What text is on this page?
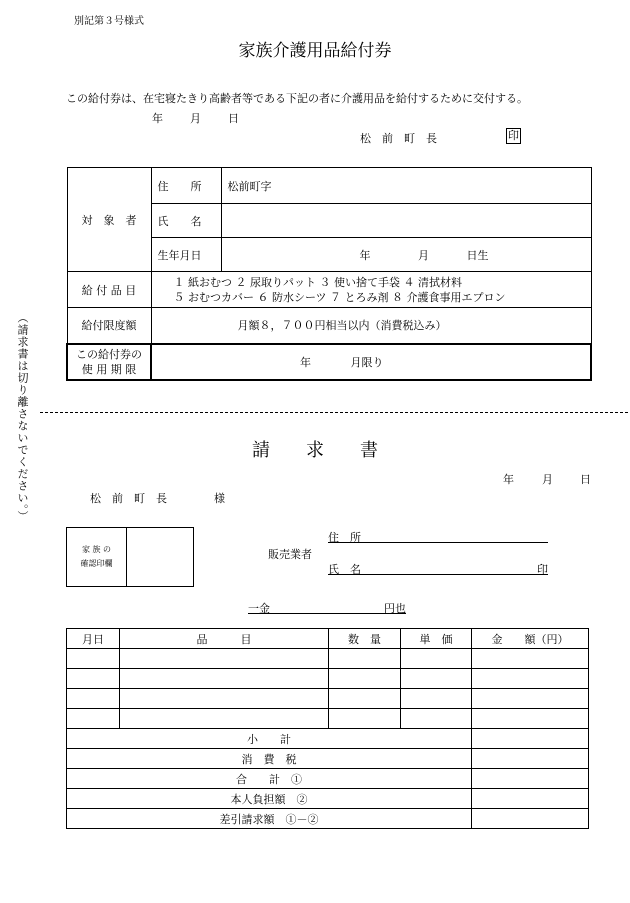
別記第３号様式
家族介護用品給付券
この給付券は、在宅寝たきり高齢者等である下記の者に介護用品を給付するために交付する。
年 月 日
松　前　町　長	印
対　象　者	住　　所	松前町字
	氏　　名	
	生年月日	年 月 日生
給 付 品 目	１ 紙おむつ ２ 尿取りパット ３ 使い捨て手袋 ４ 清拭材料
５ おむつカバー ６ 防水シーツ ７ とろみ剤 ８ 介護食事用エプロン	

給付限度額	月額８，７００円相当以内（消費税込み）	

この給付券の
使 用 期 限	年 月限り	
（請求書は切り離さないでください。）	請　　求　　書
年	月 日
松　前　町　長	様
家 族 の
確認印欄

販売業者
住　所
氏　名	印
一金	円也
月日	品　　　目	数　量	単　価	金　　額（円）

小　　計				
消　費　税				
合　　計　①				
本人負担額　②				
差引請求額　①－②				
